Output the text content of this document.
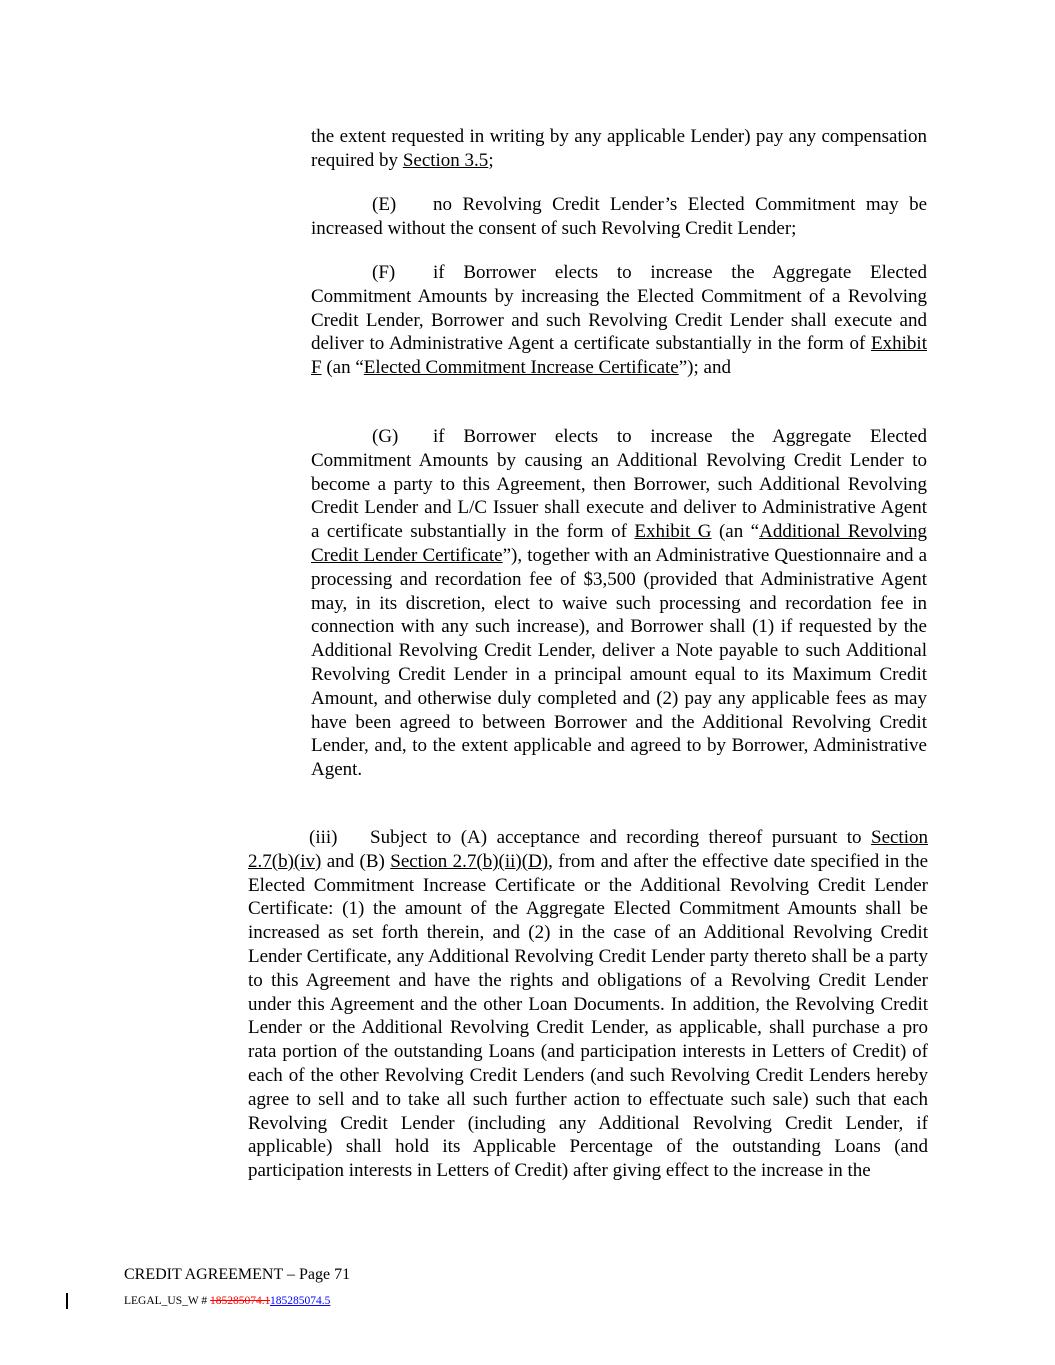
the extent requested in writing by any applicable Lender) pay any compensation required by Section 3.5;

(E) no Revolving Credit Lender’s Elected Commitment may be increased without the consent of such Revolving Credit Lender;

(F) if Borrower elects to increase the Aggregate Elected Commitment Amounts by increasing the Elected Commitment of a Revolving Credit Lender, Borrower and such Revolving Credit Lender shall execute and deliver to Administrative Agent a certificate substantially in the form of Exhibit F (an “Elected Commitment Increase Certificate”); and

(G) if Borrower elects to increase the Aggregate Elected Commitment Amounts by causing an Additional Revolving Credit Lender to become a party to this Agreement, then Borrower, such Additional Revolving Credit Lender and L/C Issuer shall execute and deliver to Administrative Agent a certificate substantially in the form of Exhibit G (an “Additional Revolving Credit Lender Certificate”), together with an Administrative Questionnaire and a processing and recordation fee of $3,500 (provided that Administrative Agent may, in its discretion, elect to waive such processing and recordation fee in connection with any such increase), and Borrower shall (1) if requested by the Additional Revolving Credit Lender, deliver a Note payable to such Additional Revolving Credit Lender in a principal amount equal to its Maximum Credit Amount, and otherwise duly completed and (2) pay any applicable fees as may have been agreed to between Borrower and the Additional Revolving Credit Lender, and, to the extent applicable and agreed to by Borrower, Administrative Agent.

(iii) Subject to (A) acceptance and recording thereof pursuant to Section 2.7(b)(iv) and (B) Section 2.7(b)(ii)(D), from and after the effective date specified in the Elected Commitment Increase Certificate or the Additional Revolving Credit Lender Certificate: (1) the amount of the Aggregate Elected Commitment Amounts shall be increased as set forth therein, and (2) in the case of an Additional Revolving Credit Lender Certificate, any Additional Revolving Credit Lender party thereto shall be a party to this Agreement and have the rights and obligations of a Revolving Credit Lender under this Agreement and the other Loan Documents. In addition, the Revolving Credit Lender or the Additional Revolving Credit Lender, as applicable, shall purchase a pro rata portion of the outstanding Loans (and participation interests in Letters of Credit) of each of the other Revolving Credit Lenders (and such Revolving Credit Lenders hereby agree to sell and to take all such further action to effectuate such sale) such that each Revolving Credit Lender (including any Additional Revolving Credit Lender, if applicable) shall hold its Applicable Percentage of the outstanding Loans (and participation interests in Letters of Credit) after giving effect to the increase in the

CREDIT AGREEMENT – Page 71
LEGAL_US_W # 185285074.1185285074.5
